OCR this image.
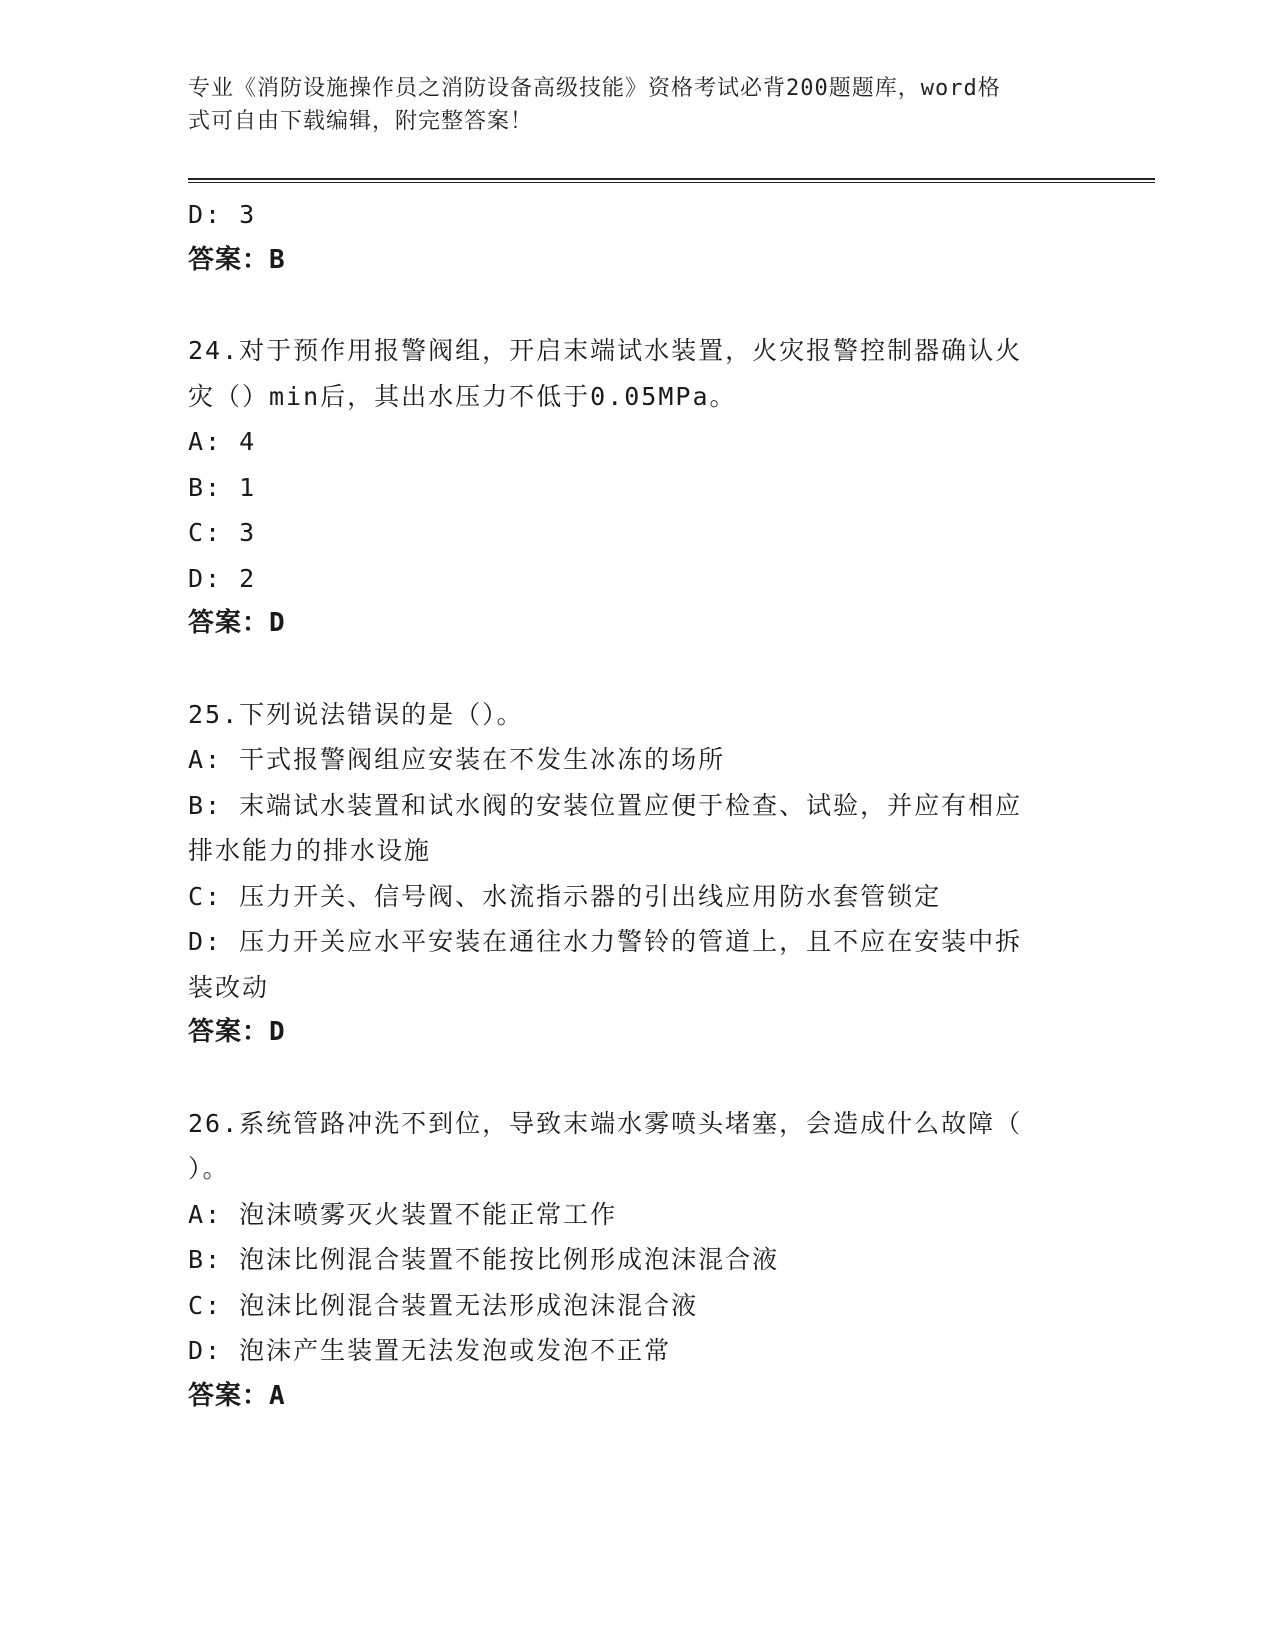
专业《消防设施操作员之消防设备高级技能》资格考试必背200题题库，word格
式可自由下载编辑，附完整答案！

D: 3

答案：B

24.对于预作用报警阀组，开启末端试水装置，火灾报警控制器确认火

灾（）min后，其出水压力不低于0.05MPa。

A: 4

B: 1

C: 3

D: 2

答案：D

25.下列说法错误的是（）。

A: 干式报警阀组应安装在不发生冰冻的场所

B: 末端试水装置和试水阀的安装位置应便于检查、试验，并应有相应

排水能力的排水设施

C: 压力开关、信号阀、水流指示器的引出线应用防水套管锁定

D: 压力开关应水平安装在通往水力警铃的管道上，且不应在安装中拆

装改动

答案：D

26.系统管路冲洗不到位，导致末端水雾喷头堵塞，会造成什么故障（

）。

A: 泡沫喷雾灭火装置不能正常工作

B: 泡沫比例混合装置不能按比例形成泡沫混合液

C: 泡沫比例混合装置无法形成泡沫混合液

D: 泡沫产生装置无法发泡或发泡不正常

答案：A
